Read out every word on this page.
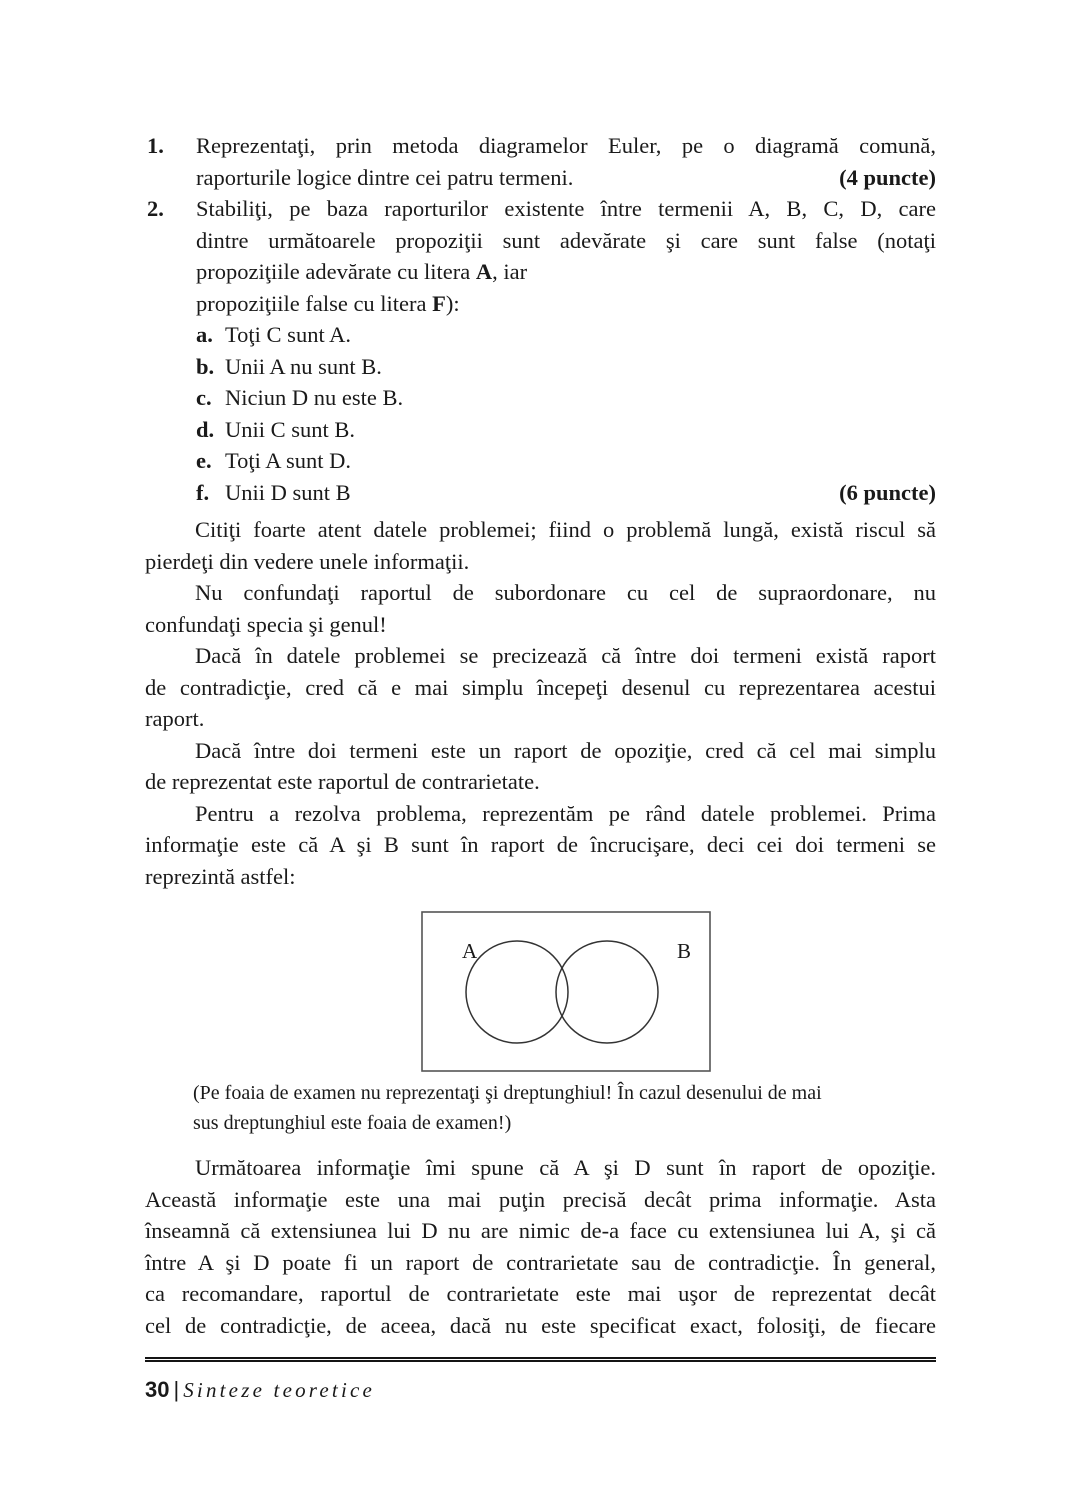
1. Reprezentaţi, prin metoda diagramelor Euler, pe o diagramă comună,
(4 puncte)
raporturile logice dintre cei patru termeni.
2. Stabiliţi, pe baza raporturilor existente între termenii A, B, C, D, care
dintre următoarele propoziţii sunt adevărate şi care sunt false (notaţi
propoziţiile adevărate cu litera A, iar
propoziţiile false cu litera F):
a. Toţi C sunt A.
b. Unii A nu sunt B.
c. Niciun D nu este B.
d. Unii C sunt B.
e. Toţi A sunt D.
f.	(6 puncte)
Unii D sunt B

Citiţi foarte atent datele problemei; fiind o problemă lungă, există riscul să
pierdeţi din vedere unele informaţii.

Nu confundaţi raportul de subordonare cu cel de supraordonare, nu
confundaţi specia şi genul!

Dacă în datele problemei se precizează că între doi termeni există raport
de contradicţie, cred că e mai simplu începeţi desenul cu reprezentarea acestui
raport.

Dacă între doi termeni este un raport de opoziţie, cred că cel mai simplu
de reprezentat este raportul de contrarietate.

Pentru a rezolva problema, reprezentăm pe rând datele problemei. Prima
informaţie este că A şi B sunt în raport de încrucişare, deci cei doi termeni se
reprezintă astfel:

A	B

(Pe foaia de examen nu reprezentaţi şi dreptunghiul! În cazul desenului de mai
sus dreptunghiul este foaia de examen!)

Următoarea informaţie îmi spune că A şi D sunt în raport de opoziţie.
Această informaţie este una mai puţin precisă decât prima informaţie. Asta
înseamnă că extensiunea lui D nu are nimic de-a face cu extensiunea lui A, şi că
între A şi D poate fi un raport de contrarietate sau de contradicţie. În general,
ca recomandare, raportul de contrarietate este mai uşor de reprezentat decât
cel de contradicţie, de aceea, dacă nu este specificat exact, folosiţi, de fiecare

30 | Sinteze teoretice
